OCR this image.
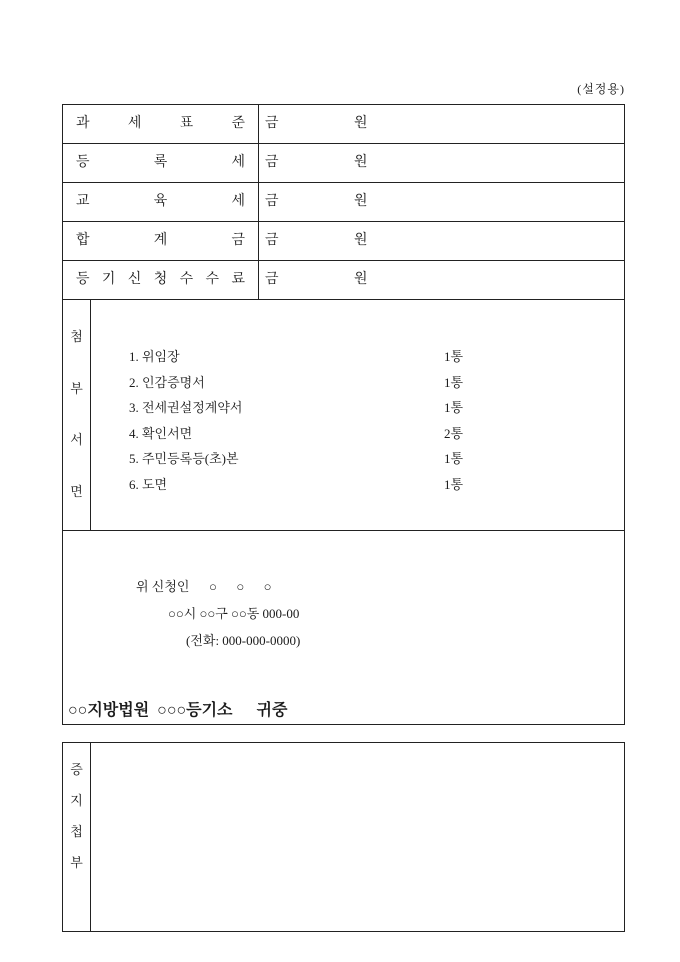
(설정용)
과 세 표 준	금	원
등 록 세	금	원
교 육 세	금	원
합 계 금	금	원
등 기 신 청 수 수 료	금	원
첨
부
서
면
1. 위임장	1통
2. 인감증명서	1통
3. 전세권설정계약서	1통
4. 확인서면	2통
5. 주민등록등(초)본	1통
6. 도면	1통
위 신청인      ○      ○      ○
○○시 ○○구 ○○동 000-00
(전화: 000-000-0000)
○○지방법원  ○○○등기소      귀중
증
지
첩
부
